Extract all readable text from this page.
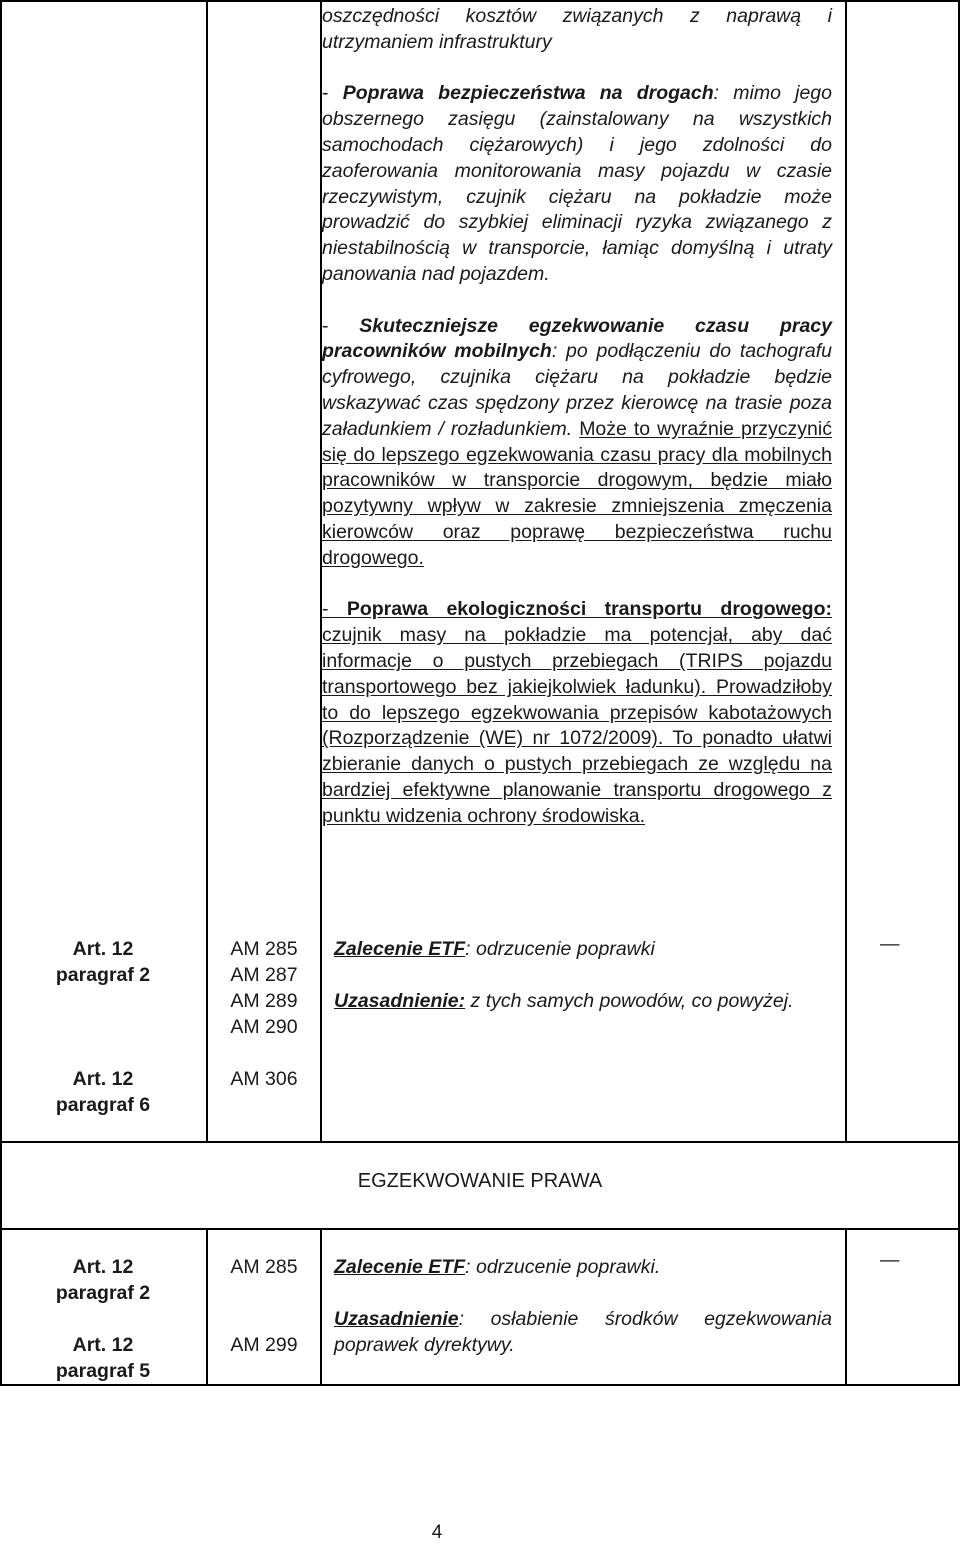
oszczędności kosztów związanych z naprawą i utrzymaniem infrastruktury

- Poprawa bezpieczeństwa na drogach: mimo jego obszernego zasięgu (zainstalowany na wszystkich samochodach ciężarowych) i jego zdolności do zaoferowania monitorowania masy pojazdu w czasie rzeczywistym, czujnik ciężaru na pokładzie może prowadzić do szybkiej eliminacji ryzyka związanego z niestabilnością w transporcie, łamiąc domyślną i utraty panowania nad pojazdem.

- Skuteczniejsze egzekwowanie czasu pracy pracowników mobilnych: po podłączeniu do tachografu cyfrowego, czujnika ciężaru na pokładzie będzie wskazywać czas spędzony przez kierowcę na trasie poza załadunkiem / rozładunkiem. Może to wyraźnie przyczynić się do lepszego egzekwowania czasu pracy dla mobilnych pracowników w transporcie drogowym, będzie miało pozytywny wpływ w zakresie zmniejszenia zmęczenia kierowców oraz poprawę bezpieczeństwa ruchu drogowego.

- Poprawa ekologiczności transportu drogowego: czujnik masy na pokładzie ma potencjał, aby dać informacje o pustych przebiegach (TRIPS pojazdu transportowego bez jakiejkolwiek ładunku). Prowadziłoby to do lepszego egzekwowania przepisów kabotażowych (Rozporządzenie (WE) nr 1072/2009). To ponadto ułatwi zbieranie danych o pustych przebiegach ze względu na bardziej efektywne planowanie transportu drogowego z punktu widzenia ochrony środowiska.

Art. 12
paragraf 2
Art. 12
paragraf 6
AM 285
AM 287
AM 289
AM 290
AM 306
Zalecenie ETF: odrzucenie poprawki
Uzasadnienie: z tych samych powodów, co powyżej.
—
EGZEKWOWANIE PRAWA
Art. 12
paragraf 2
Art. 12
paragraf 5
AM 285
AM 299
Zalecenie ETF: odrzucenie poprawki.
Uzasadnienie: osłabienie środków egzekwowania poprawek dyrektywy.
—
4
